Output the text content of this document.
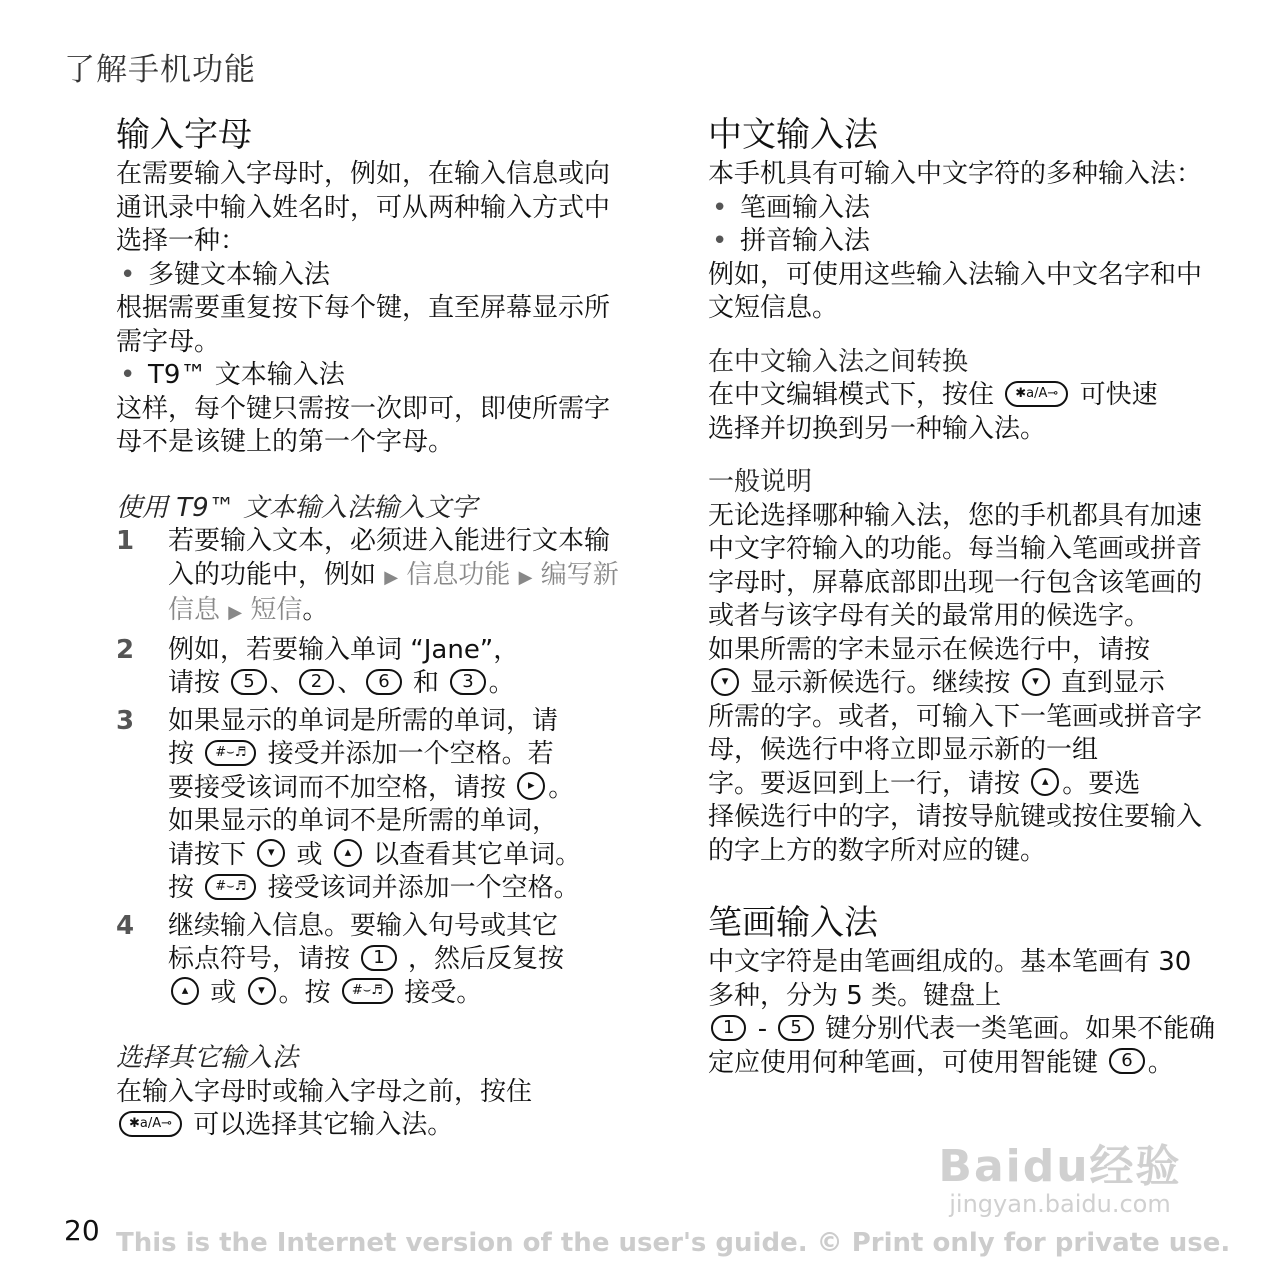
了解手机功能
输入字母

在需要输入字母时，例如，在输入信息或向通讯录中输入姓名时，可从两种输入方式中选择一种：

• 多键文本输入法

根据需要重复按下每个键，直至屏幕显示所需字母。

• T9™ 文本输入法

这样，每个键只需按一次即可，即使所需字母不是该键上的第一个字母。

使用 T9™ 文本输入法输入文字
1 若要输入文本，必须进入能进行文本输入的功能中，例如 ▶ 信息功能 ▶ 编写新信息 ▶ 短信。
2 例如，若要输入单词 “Jane”，
请按 5 、 2 、 6 和 3 。
3 如果显示的单词是所需的单词，请
按 #⌣♬ 接受并添加一个空格。若
要接受该词而不加空格，请按 ▸ 。
如果显示的单词不是所需的单词，
请按下 ▾ 或 ▴ 以查看其它单词。
按 #⌣♬ 接受该词并添加一个空格。
4 继续输入信息。要输入句号或其它
标点符号，请按 1 ，然后反复按
▴ 或 ▾ 。按 #⌣♬ 接受。
选择其它输入法

在输入字母时或输入字母之前，按住
✱a/A⊸ 可以选择其它输入法。

中文输入法

本手机具有可输入中文字符的多种输入法：

• 笔画输入法
• 拼音输入法

例如，可使用这些输入法输入中文名字和中文短信息。

在中文输入法之间转换

在中文编辑模式下，按住 ✱a/A⊸ 可快速
选择并切换到另一种输入法。

一般说明

无论选择哪种输入法，您的手机都具有加速中文字符输入的功能。每当输入笔画或拼音字母时，屏幕底部即出现一行包含该笔画的或者与该字母有关的最常用的候选字。

如果所需的字未显示在候选行中，请按
▾ 显示新候选行。继续按 ▾ 直到显示
所需的字。或者，可输入下一笔画或拼音字母，候选行中将立即显示新的一组
字。要返回到上一行，请按 ▴ 。要选
择候选行中的字，请按导航键或按住要输入的字上方的数字所对应的键。

笔画输入法

中文字符是由笔画组成的。基本笔画有 30 多种，分为 5 类。键盘上
1 - 5 键分别代表一类笔画。如果不能确定应使用何种笔画，可使用智能键 6 。

Baidu经验
jingyan.baidu.com
20 This is the Internet version of the user's guide. © Print only for private use.
